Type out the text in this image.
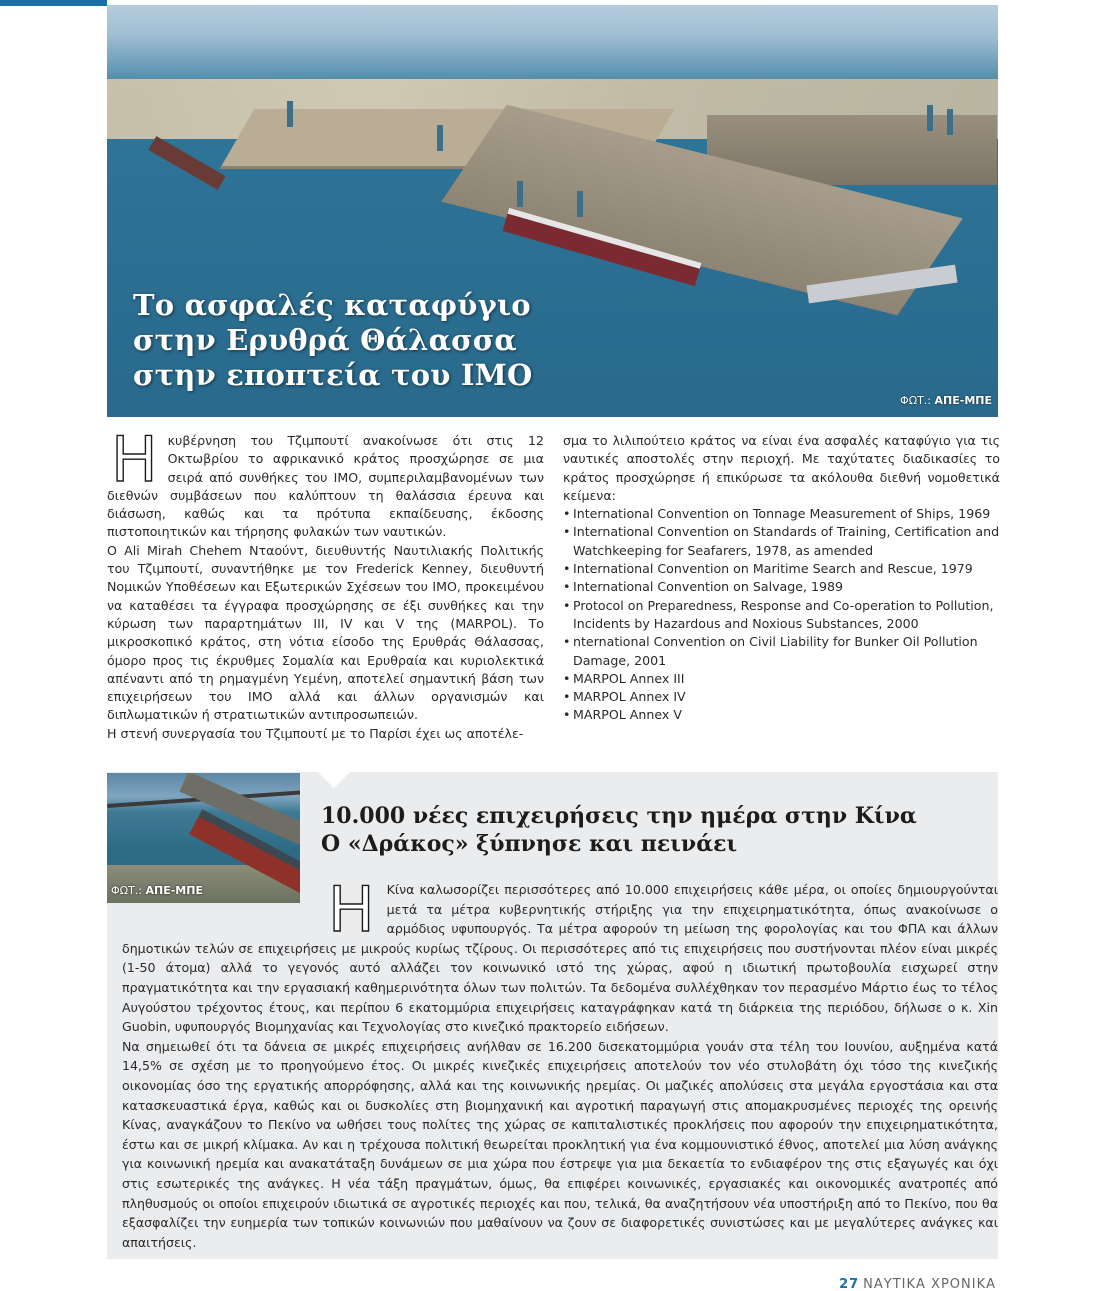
ΦΩΤ.: ΑΠΕ-ΜΠΕ
Το ασφαλές καταφύγιο
στην Ερυθρά Θάλασσα
στην εποπτεία του ΙΜΟ

Η κυβέρνηση του Τζιμπουτί ανακοίνωσε ότι στις 12 Οκτωβρίου το αφρικανικό κράτος προσχώρησε σε μια σειρά από συνθήκες του ΙΜΟ, συμπεριλαμβανομένων των διεθνών συμβάσεων που καλύπτουν τη θαλάσσια έρευνα και διάσωση, καθώς και τα πρότυπα εκπαίδευσης, έκδοσης πιστοποιητικών και τήρησης φυλακών των ναυτικών.

Ο Ali Mirah Chehem Νταούντ, διευθυντής Ναυτιλιακής Πολιτικής του Τζιμπουτί, συναντήθηκε με τον Frederick Kenney, διευθυντή Νομικών Υποθέσεων και Εξωτερικών Σχέσεων του ΙΜΟ, προκειμένου να καταθέσει τα έγγραφα προσχώρησης σε έξι συνθήκες και την κύρωση των παραρτημάτων ΙΙΙ, IV και V της (MARPOL). Το μικροσκοπικό κράτος, στη νότια είσοδο της Ερυθράς Θάλασσας, όμορο προς τις έκρυθμες Σομαλία και Ερυθραία και κυριολεκτικά απέναντι από τη ρημαγμένη Υεμένη, αποτελεί σημαντική βάση των επιχειρήσεων του ΙΜΟ αλλά και άλλων οργανισμών και διπλωματικών ή στρατιωτικών αντιπροσωπειών.

Η στενή συνεργασία του Τζιμπουτί με το Παρίσι έχει ως αποτέλε-

σμα το λιλιπούτειο κράτος να είναι ένα ασφαλές καταφύγιο για τις ναυτικές αποστολές στην περιοχή. Με ταχύτατες διαδικασίες το κράτος προσχώρησε ή επικύρωσε τα ακόλουθα διεθνή νομοθετικά κείμενα:

• International Convention on Tonnage Measurement of Ships, 1969
• International Convention on Standards of Training, Certification and Watchkeeping for Seafarers, 1978, as amended
• International Convention on Maritime Search and Rescue, 1979
• International Convention on Salvage, 1989
• Protocol on Preparedness, Response and Co-operation to Pollution, Incidents by Hazardous and Noxious Substances, 2000
• nternational Convention on Civil Liability for Bunker Oil Pollution Damage, 2001
• MARPOL Annex III
• MARPOL Annex IV
• MARPOL Annex V
ΦΩΤ.: ΑΠΕ-ΜΠΕ
10.000 νέες επιχειρήσεις την ημέρα στην Κίνα
Ο «Δράκος» ξύπνησε και πεινάει

Η Κίνα καλωσορίζει περισσότερες από 10.000 επιχειρήσεις κάθε μέρα, οι οποίες δημιουργούνται μετά τα μέτρα κυβερνητικής στήριξης για την επιχειρηματικότητα, όπως ανακοίνωσε ο αρμόδιος υφυπουργός. Τα μέτρα αφορούν τη μείωση της φορολογίας και του ΦΠΑ και άλλων δημοτικών τελών σε επιχειρήσεις με μικρούς κυρίως τζίρους. Οι περισσότερες από τις επιχειρήσεις που συστήνονται πλέον είναι μικρές (1-50 άτομα) αλλά το γεγονός αυτό αλλάζει τον κοινωνικό ιστό της χώρας, αφού η ιδιωτική πρωτοβουλία εισχωρεί στην πραγματικότητα και την εργασιακή καθημερινότητα όλων των πολιτών. Τα δεδομένα συλλέχθηκαν τον περασμένο Μάρτιο έως το τέλος Αυγούστου τρέχοντος έτους, και περίπου 6 εκατομμύρια επιχειρήσεις καταγράφηκαν κατά τη διάρκεια της περιόδου, δήλωσε ο κ. Xin Guobin, υφυπουργός Βιομηχανίας και Τεχνολογίας στο κινεζικό πρακτορείο ειδήσεων.

Να σημειωθεί ότι τα δάνεια σε μικρές επιχειρήσεις ανήλθαν σε 16.200 δισεκατομμύρια γουάν στα τέλη του Ιουνίου, αυξημένα κατά 14,5% σε σχέση με το προηγούμενο έτος. Οι μικρές κινεζικές επιχειρήσεις αποτελούν τον νέο στυλοβάτη όχι τόσο της κινεζικής οικονομίας όσο της εργατικής απορρόφησης, αλλά και της κοινωνικής ηρεμίας. Οι μαζικές απολύσεις στα μεγάλα εργοστάσια και στα κατασκευαστικά έργα, καθώς και οι δυσκολίες στη βιομηχανική και αγροτική παραγωγή στις απομακρυσμένες περιοχές της ορεινής Κίνας, αναγκάζουν το Πεκίνο να ωθήσει τους πολίτες της χώρας σε καπιταλιστικές προκλήσεις που αφορούν την επιχειρηματικότητα, έστω και σε μικρή κλίμακα. Αν και η τρέχουσα πολιτική θεωρείται προκλητική για ένα κομμουνιστικό έθνος, αποτελεί μια λύση ανάγκης για κοινωνική ηρεμία και ανακατάταξη δυνάμεων σε μια χώρα που έστρεψε για μια δεκαετία το ενδιαφέρον της στις εξαγωγές και όχι στις εσωτερικές της ανάγκες. Η νέα τάξη πραγμάτων, όμως, θα επιφέρει κοινωνικές, εργασιακές και οικονομικές ανατροπές από πληθυσμούς οι οποίοι επιχειρούν ιδιωτικά σε αγροτικές περιοχές και που, τελικά, θα αναζητήσουν νέα υποστήριξη από το Πεκίνο, που θα εξασφαλίζει την ευημερία των τοπικών κοινωνιών που μαθαίνουν να ζουν σε διαφορετικές συνιστώσες και με μεγαλύτερες ανάγκες και απαιτήσεις.

27 ΝΑΥΤΙΚΑ ΧΡΟΝΙΚΑ
